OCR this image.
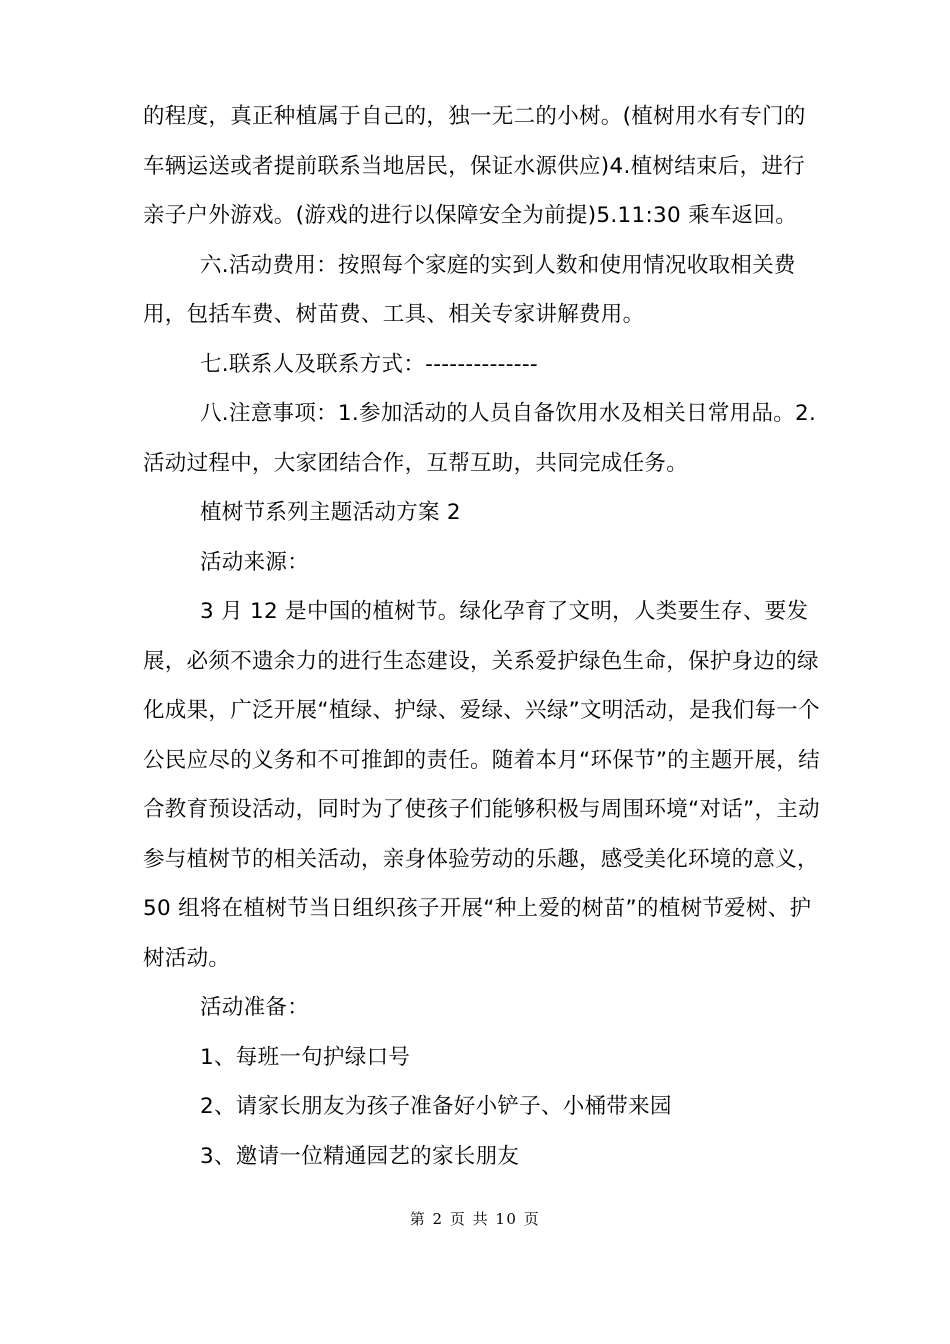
的程度，真正种植属于自己的，独一无二的小树。(植树用水有专门的车辆运送或者提前联系当地居民，保证水源供应)4.植树结束后，进行亲子户外游戏。(游戏的进行以保障安全为前提)5.11:30 乘车返回。

六.活动费用：按照每个家庭的实到人数和使用情况收取相关费用，包括车费、树苗费、工具、相关专家讲解费用。

七.联系人及联系方式：--------------

八.注意事项：1.参加活动的人员自备饮用水及相关日常用品。2.活动过程中，大家团结合作，互帮互助，共同完成任务。

植树节系列主题活动方案 2

活动来源：

3 月 12 是中国的植树节。绿化孕育了文明，人类要生存、要发展，必须不遗余力的进行生态建设，关系爱护绿色生命，保护身边的绿化成果，广泛开展“植绿、护绿、爱绿、兴绿”文明活动，是我们每一个公民应尽的义务和不可推卸的责任。随着本月“环保节”的主题开展，结合教育预设活动，同时为了使孩子们能够积极与周围环境“对话”，主动参与植树节的相关活动，亲身体验劳动的乐趣，感受美化环境的意义，50 组将在植树节当日组织孩子开展“种上爱的树苗”的植树节爱树、护树活动。

活动准备：

1、每班一句护绿口号

2、请家长朋友为孩子准备好小铲子、小桶带来园

3、邀请一位精通园艺的家长朋友

第 2 页 共 10 页
